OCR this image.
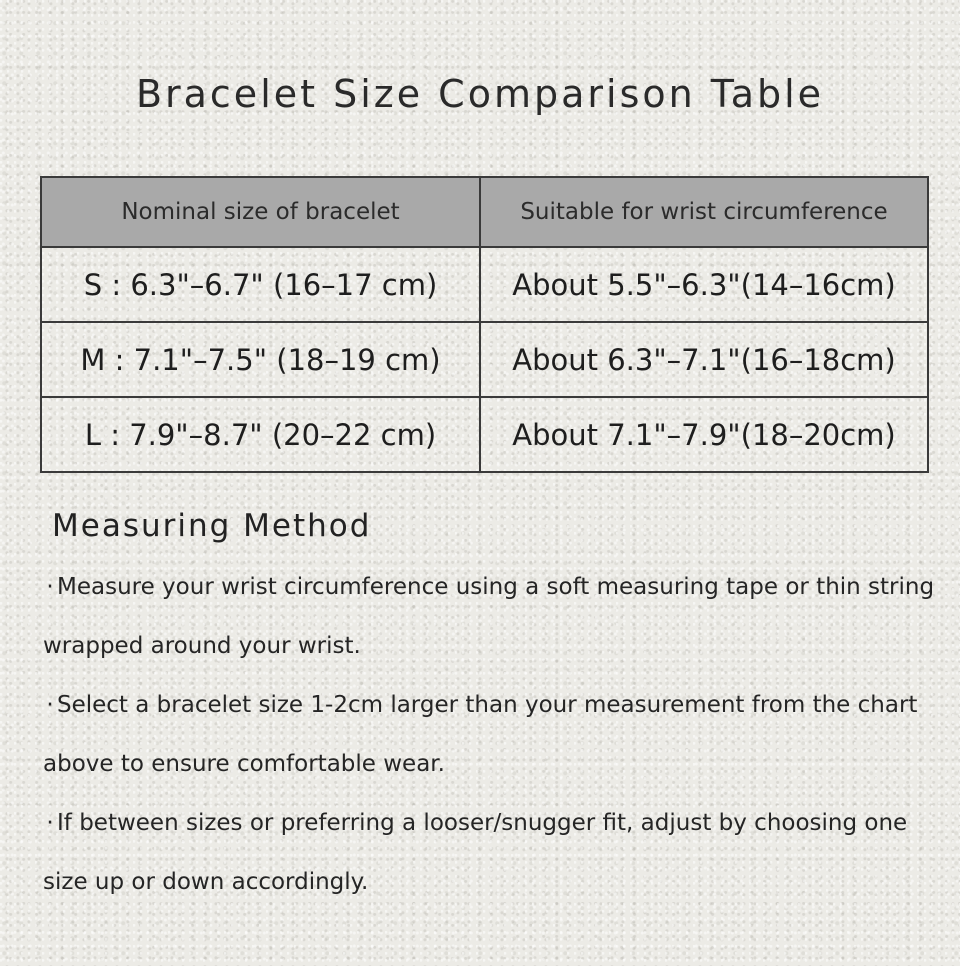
Bracelet Size Comparison Table
Nominal size of bracelet	Suitable for wrist circumference
S : 6.3"–6.7" (16–17 cm)	About 5.5"–6.3"(14–16cm)
M : 7.1"–7.5" (18–19 cm)	About 6.3"–7.1"(16–18cm)
L : 7.9"–8.7" (20–22 cm)	About 7.1"–7.9"(18–20cm)
Measuring Method

· Measure your wrist circumference using a soft measuring tape or thin string wrapped around your wrist.

· Select a bracelet size 1-2cm larger than your measurement from the chart above to ensure comfortable wear.

· If between sizes or preferring a looser/snugger fit, adjust by choosing one size up or down accordingly.
